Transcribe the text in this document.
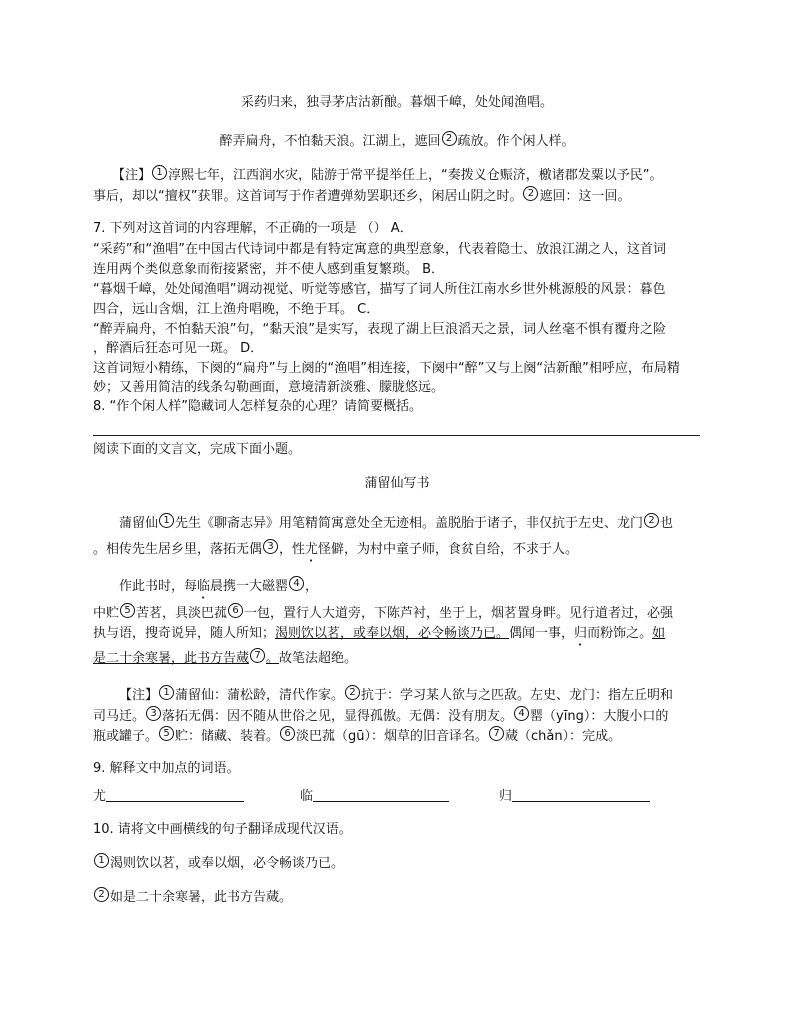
采药归来，独寻茅店沽新酿。暮烟千嶂，处处闻渔唱。
醉弄扁舟，不怕黏天浪。江湖上，遮回 2 疏放。作个闲人样。
【注】 1 淳熙七年，江西润水灾，陆游于常平提举任上，“奏拨义仓赈济，檄诸郡发粟以予民”。
事后，却以“擅权”获罪。这首词写于作者遭弹劾罢职还乡，闲居山阴之时。 2 遮回：这一回。
7. 下列对这首词的内容理解，不正确的一项是 （） A．
“采药”和“渔唱”在中国古代诗词中都是有特定寓意的典型意象，代表着隐士、放浪江湖之人，这首词
连用两个类似意象而衔接紧密，并不使人感到重复繁琐。 B．
“暮烟千嶂，处处闻渔唱”调动视觉、听觉等感官，描写了词人所住江南水乡世外桃源般的风景：暮色
四合，远山含烟，江上渔舟唱晚，不绝于耳。 C．
“醉弄扁舟，不怕黏天浪”句，“黏天浪”是实写，表现了湖上巨浪滔天之景，词人丝毫不惧有覆舟之险
，醉酒后狂态可见一斑。 D．
这首词短小精练，下阕的“扁舟”与上阕的“渔唱”相连接，下阕中“醉”又与上阕“沽新酿”相呼应，布局精
妙；又善用简洁的线条勾勒画面，意境清新淡雅、朦胧悠远。
8. “作个闲人样”隐藏词人怎样复杂的心理？请简要概括。
阅读下面的文言文，完成下面小题。
蒲留仙写书
蒲留仙 1 先生《聊斋志异》用笔精简寓意处全无迹相。盖脱胎于诸子，非仅抗于左史、龙门 2 也
。相传先生居乡里，落拓无偶 3 ，性尤怪僻，为村中童子师，食贫自给，不求于人。
作此书时，每临晨携一大磁罂 4 ，
中贮 5 苦茗，具淡巴菰 6 一包，置行人大道旁，下陈芦衬，坐于上，烟茗置身畔。见行道者过，必强
执与语，搜奇说异，随人所知；渴则饮以茗，或奉以烟，必令畅谈乃已。偶闻一事，归而粉饰之。如
是二十余寒暑，此书方告蒇 7 。故笔法超绝。
【注】 1 蒲留仙：蒲松龄，清代作家。 2 抗于：学习某人欲与之匹敌。左史、龙门：指左丘明和
司马迁。 3 落拓无偶：因不随从世俗之见，显得孤傲。无偶：没有朋友。 4 罂（yīng）：大腹小口的
瓶或罐子。 5 贮：储藏、装着。 6 淡巴菰（gū）：烟草的旧音译名。 7 蒇（chǎn）：完成。
9. 解释文中加点的词语。
尤	临	归
10. 请将文中画横线的句子翻译成现代汉语。
1 渴则饮以茗，或奉以烟，必令畅谈乃已。
2 如是二十余寒暑，此书方告蒇。
